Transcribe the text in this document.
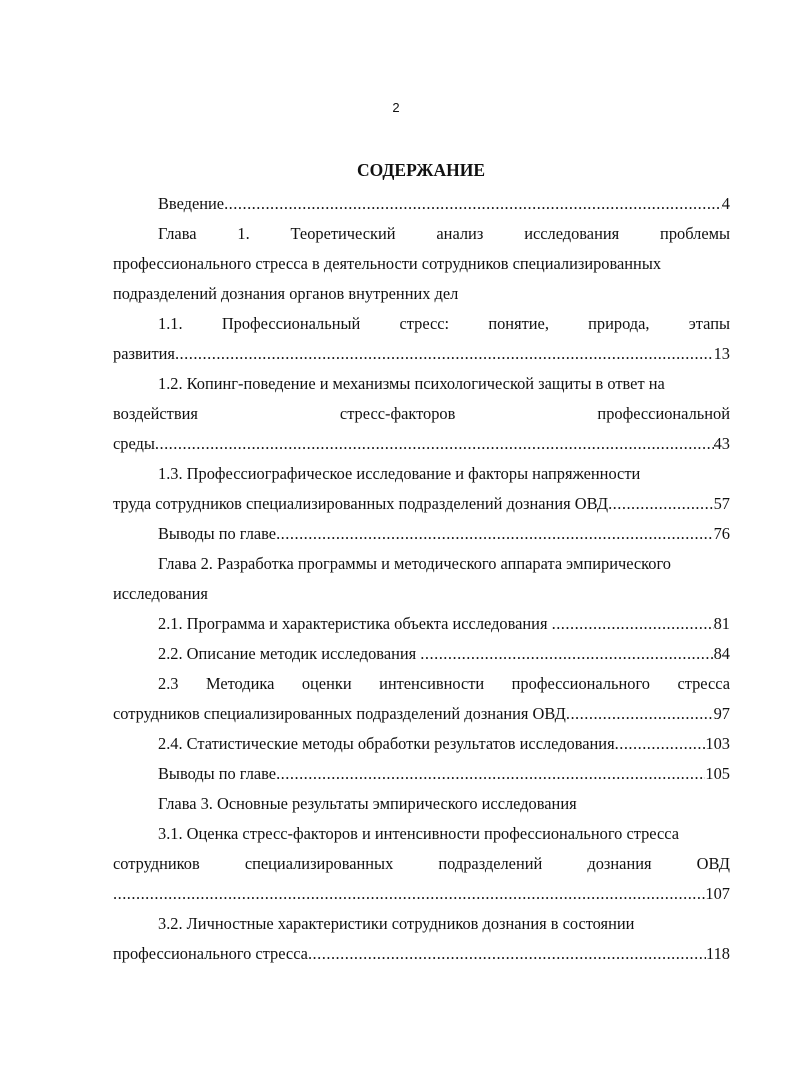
2
СОДЕРЖАНИЕ
Введение .....	4
Глава 1. Теоретический анализ исследования проблемы
профессионального стресса в деятельности сотрудников специализированных
подразделений дознания органов внутренних дел
1.1. Профессиональный стресс: понятие, природа, этапы
развития .....	13
1.2. Копинг-поведение и механизмы психологической защиты в ответ на
воздействия	стресс-факторов	профессиональной
среды .....	43
1.3. Профессиографическое исследование и факторы напряженности
труда сотрудников специализированных подразделений дознания ОВД .....	57
Выводы по главе .....	76
Глава 2. Разработка программы и методического аппарата эмпирического
исследования
2.1. Программа и характеристика объекта исследования .....	81
2.2. Описание методик исследования .....	84
2.3 Методика оценки интенсивности профессионального стресса
сотрудников специализированных подразделений дознания ОВД .....	97
2.4. Статистические методы обработки результатов исследования .....	103
Выводы по главе .....	105
Глава 3. Основные результаты эмпирического исследования
3.1. Оценка стресс-факторов и интенсивности профессионального стресса
сотрудников	специализированных	подразделений	дознания	ОВД
.....
107
3.2. Личностные характеристики сотрудников дознания в состоянии
профессионального стресса .....	118
